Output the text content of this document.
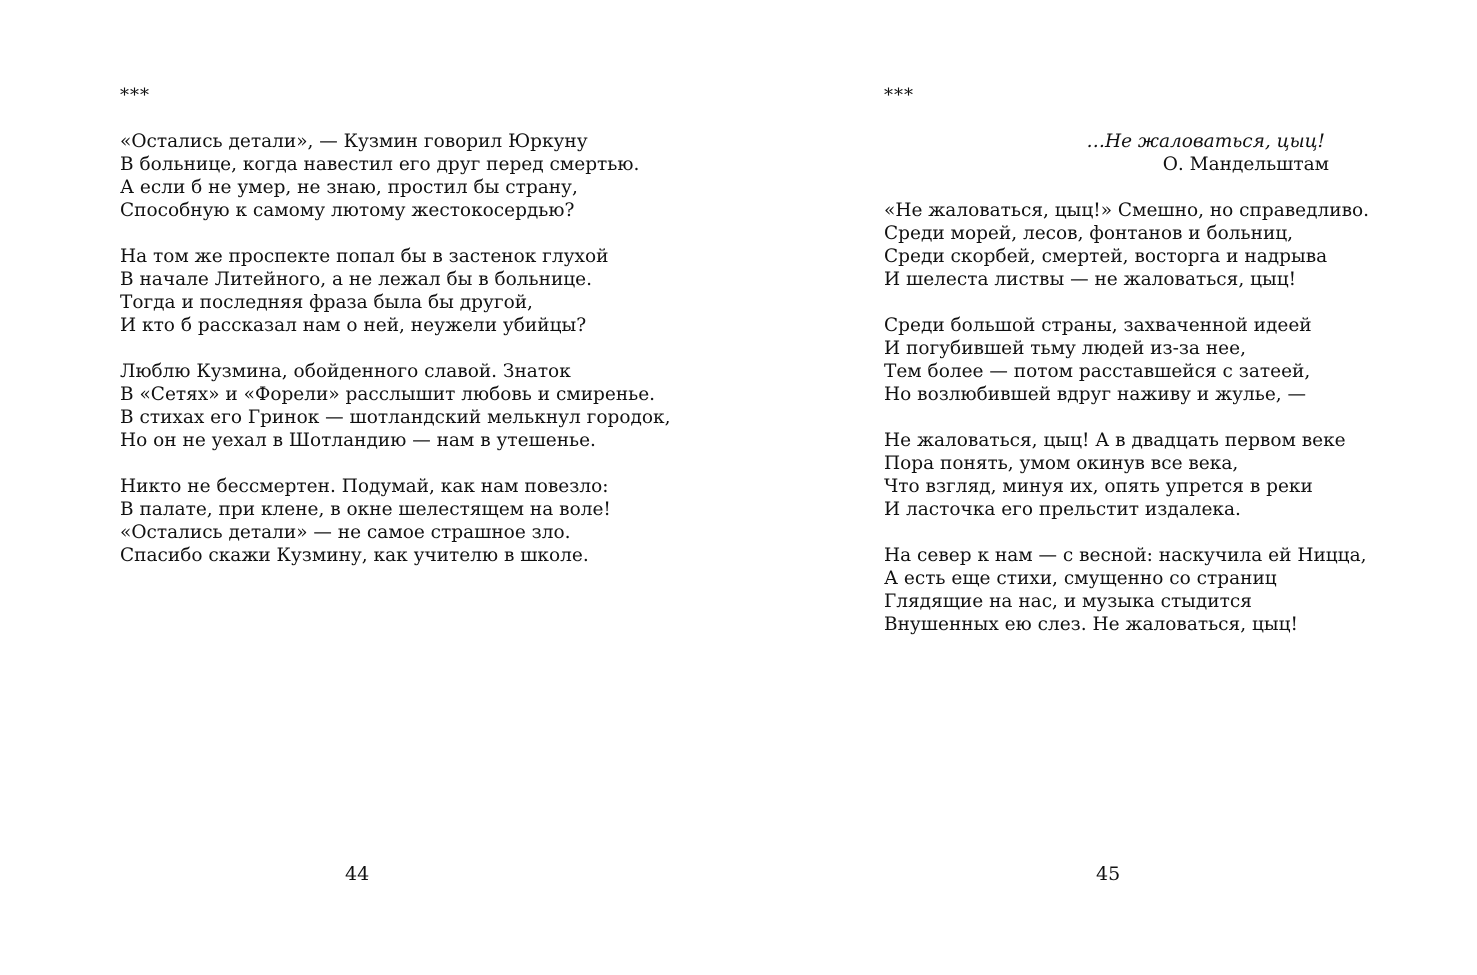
***
«Остались детали», — Кузмин говорил Юркуну
В больнице, когда навестил его друг перед смертью.
А если б не умер, не знаю, простил бы страну,
Способную к самому лютому жестокосердью?
На том же проспекте попал бы в застенок глухой
В начале Литейного, а не лежал бы в больнице.
Тогда и последняя фраза была бы другой,
И кто б рассказал нам о ней, неужели убийцы?
Люблю Кузмина, обойденного славой. Знаток
В «Сетях» и «Форели» расслышит любовь и смиренье.
В стихах его Гринок — шотландский мелькнул городок,
Но он не уехал в Шотландию — нам в утешенье.
Никто не бессмертен. Подумай, как нам повезло:
В палате, при клене, в окне шелестящем на воле!
«Остались детали» — не самое страшное зло.
Спасибо скажи Кузмину, как учителю в школе.
44
***
…Не жаловаться, цыц!
О. Мандельштам
«Не жаловаться, цыц!» Смешно, но справедливо.
Среди морей, лесов, фонтанов и больниц,
Среди скорбей, смертей, восторга и надрыва
И шелеста листвы — не жаловаться, цыц!
Среди большой страны, захваченной идеей
И погубившей тьму людей из-за нее,
Тем более — потом расставшейся с затеей,
Но возлюбившей вдруг наживу и жулье, —
Не жаловаться, цыц! А в двадцать первом веке
Пора понять, умом окинув все века,
Что взгляд, минуя их, опять упрется в реки
И ласточка его прельстит издалека.
На север к нам — с весной: наскучила ей Ницца,
А есть еще стихи, смущенно со страниц
Глядящие на нас, и музыка стыдится
Внушенных ею слез. Не жаловаться, цыц!
45
